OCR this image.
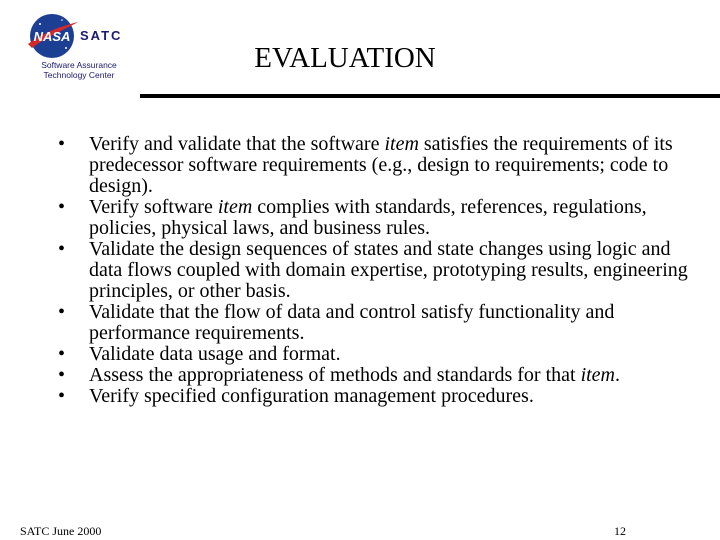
NASA SATC
Software Assurance
Technology Center
EVALUATION
• Verify and validate that the software item satisfies the requirements of its predecessor software requirements (e.g., design to requirements; code to design).
• Verify software item complies with standards, references, regulations, policies, physical laws, and business rules.
• Validate the design sequences of states and state changes using logic and data flows coupled with domain expertise, prototyping results, engineering principles, or other basis.
• Validate that the flow of data and control satisfy functionality and performance requirements.
• Validate data usage and format.
• Assess the appropriateness of methods and standards for that item.
• Verify specified configuration management procedures.
SATC June 2000	12
